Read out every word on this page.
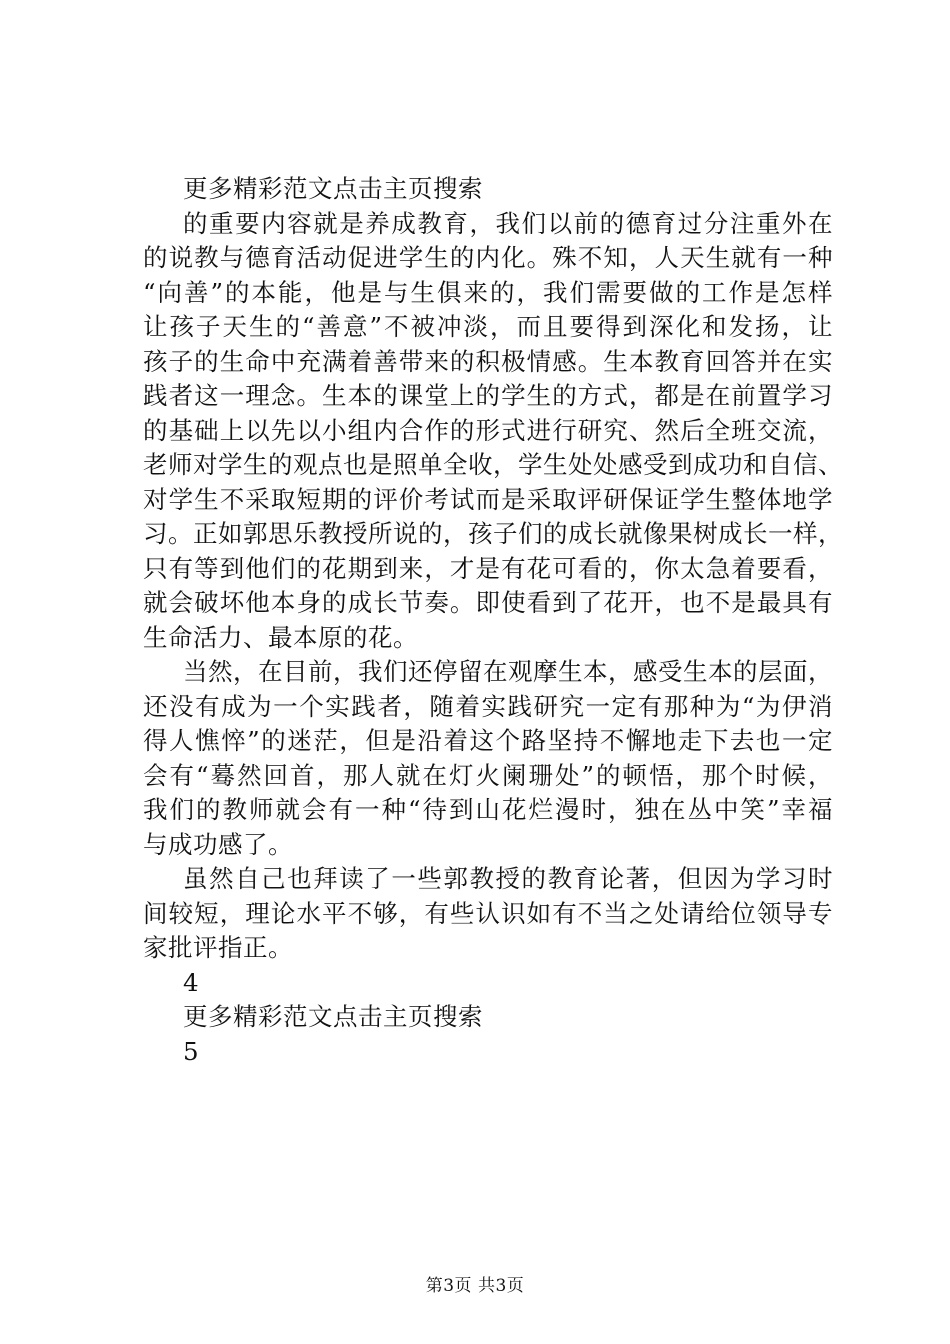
更多精彩范文点击主页搜索
的重要内容就是养成教育，我们以前的德育过分注重外在
的说教与德育活动促进学生的内化。殊不知，人天生就有一种
“向善”的本能，他是与生俱来的，我们需要做的工作是怎样
让孩子天生的“善意”不被冲淡，而且要得到深化和发扬，让
孩子的生命中充满着善带来的积极情感。生本教育回答并在实
践者这一理念。生本的课堂上的学生的方式，都是在前置学习
的基础上以先以小组内合作的形式进行研究、然后全班交流，
老师对学生的观点也是照单全收，学生处处感受到成功和自信、
对学生不采取短期的评价考试而是采取评研保证学生整体地学
习。正如郭思乐教授所说的，孩子们的成长就像果树成长一样，
只有等到他们的花期到来，才是有花可看的，你太急着要看，
就会破坏他本身的成长节奏。即使看到了花开，也不是最具有
生命活力、最本原的花。
当然，在目前，我们还停留在观摩生本，感受生本的层面，
还没有成为一个实践者，随着实践研究一定有那种为“为伊消
得人憔悴”的迷茫，但是沿着这个路坚持不懈地走下去也一定
会有“蓦然回首，那人就在灯火阑珊处”的顿悟，那个时候，
我们的教师就会有一种“待到山花烂漫时，独在丛中笑”幸福
与成功感了。
虽然自己也拜读了一些郭教授的教育论著，但因为学习时
间较短，理论水平不够，有些认识如有不当之处请给位领导专
家批评指正。
4
更多精彩范文点击主页搜索
5
第3页 共3页
